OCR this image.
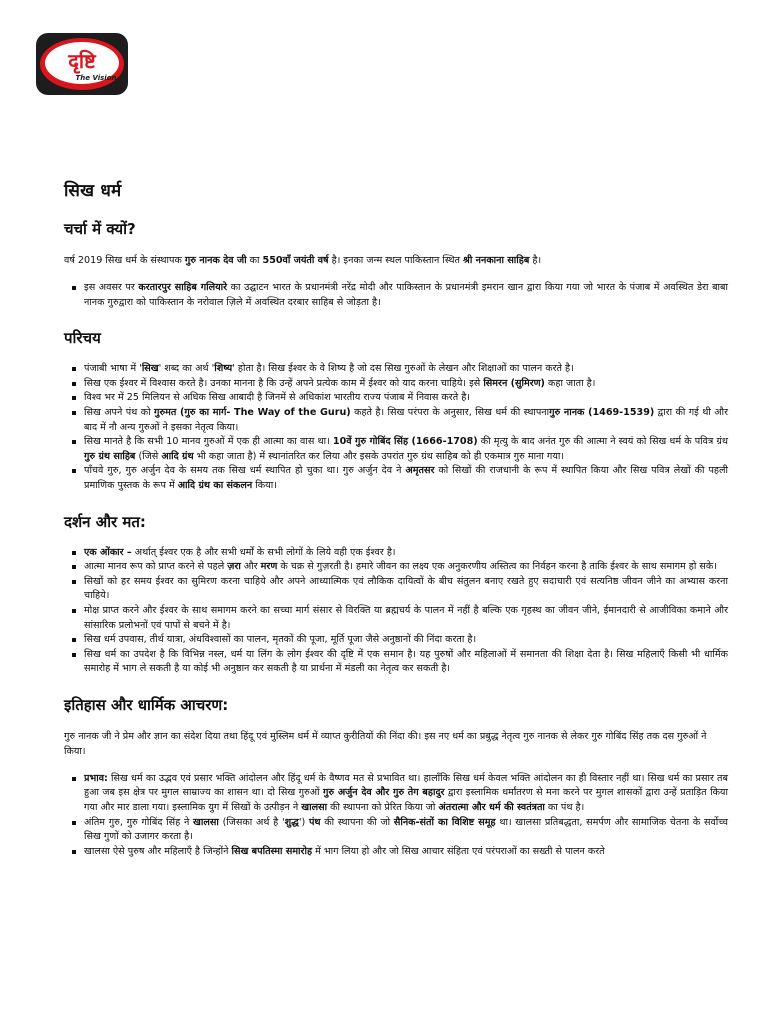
दृष्टि
The Vision
सिख धर्म
चर्चा में क्यों?

वर्ष 2019 सिख धर्म के संस्थापक गुरु नानक देव जी का 550वाँ जयंती वर्ष है। इनका जन्म स्थल पाकिस्तान स्थित श्री ननकाना साहिब है।

इस अवसर पर करतारपुर साहिब गलियारे का उद्घाटन भारत के प्रधानमंत्री नरेंद्र मोदी और पाकिस्तान के प्रधानमंत्री इमरान खान द्वारा किया गया जो भारत के पंजाब में अवस्थित डेरा बाबा नानक गुरुद्वारा को पाकिस्तान के नरोवाल ज़िले में अवस्थित दरबार साहिब से जोड़ता है।
परिचय
पंजाबी भाषा में 'सिख' शब्द का अर्थ 'शिष्य' होता है। सिख ईश्वर के वे शिष्य है जो दस सिख गुरुओं के लेखन और शिक्षाओं का पालन करते है।
सिख एक ईश्वर में विश्वास करते है। उनका मानना है कि उन्हें अपने प्रत्येक काम में ईश्वर को याद करना चाहिये। इसे सिमरन (सुमिरण) कहा जाता है।
विश्व भर में 25 मिलियन से अधिक सिख आबादी है जिनमें से अधिकांश भारतीय राज्य पंजाब में निवास करते है।
सिख अपने पंथ को गुरुमत (गुरु का मार्ग- The Way of the Guru) कहते है। सिख परंपरा के अनुसार, सिख धर्म की स्थापनागुरु नानक (1469-1539) द्वारा की गई थी और बाद में नौ अन्य गुरुओं ने इसका नेतृत्व किया।
सिख मानते है कि सभी 10 मानव गुरुओं में एक ही आत्मा का वास था। 10वें गुरु गोबिंद सिंह (1666-1708) की मृत्यु के बाद अनंत गुरु की आत्मा ने स्वयं को सिख धर्म के पवित्र ग्रंथ गुरु ग्रंथ साहिब (जिसे आदि ग्रंथ भी कहा जाता है) में स्थानांतरित कर लिया और इसके उपरांत गुरु ग्रंथ साहिब को ही एकमात्र गुरु माना गया।
पाँचवे गुरु, गुरु अर्जुन देव के समय तक सिख धर्म स्थापित हो चुका था। गुरु अर्जुन देव ने अमृतसर को सिखों की राजधानी के रूप में स्थापित किया और सिख पवित्र लेखों की पहली प्रमाणिक पुस्तक के रूप में आदि ग्रंथ का संकलन किया।
दर्शन और मत:
एक ओंकार – अर्थात् ईश्वर एक है और सभी धर्मों के सभी लोगों के लिये वही एक ईश्वर है।
आत्मा मानव रूप को प्राप्त करने से पहले ज़रा और मरण के चक्र से गुज़रती है। हमारे जीवन का लक्ष्य एक अनुकरणीय अस्तित्व का निर्वहन करना है ताकि ईश्वर के साथ समागम हो सके।
सिखों को हर समय ईश्वर का सुमिरण करना चाहिये और अपने आध्यात्मिक एवं लौकिक दायित्वों के बीच संतुलन बनाए रखते हुए सदाचारी एवं सत्यनिष्ठ जीवन जीने का अभ्यास करना चाहिये।
मोक्ष प्राप्त करने और ईश्वर के साथ समागम करने का सच्चा मार्ग संसार से विरक्ति या ब्रह्मचर्य के पालन में नहीं है बल्कि एक गृहस्थ का जीवन जीने, ईमानदारी से आजीविका कमाने और सांसारिक प्रलोभनों एवं पापों से बचने में है।
सिख धर्म उपवास, तीर्थ यात्रा, अंधविश्वासों का पालन, मृतकों की पूजा, मूर्ति पूजा जैसे अनुष्ठानों की निंदा करता है।
सिख धर्म का उपदेश है कि विभिन्न नस्ल, धर्म या लिंग के लोग ईश्वर की दृष्टि में एक समान है। यह पुरुषों और महिलाओं में समानता की शिक्षा देता है। सिख महिलाएँ किसी भी धार्मिक समारोह में भाग ले सकती है या कोई भी अनुष्ठान कर सकती है या प्रार्थना में मंडली का नेतृत्व कर सकती है।
इतिहास और धार्मिक आचरण:

गुरु नानक जी ने प्रेम और ज्ञान का संदेश दिया तथा हिंदू एवं मुस्लिम धर्म में व्याप्त कुरीतियों की निंदा की। इस नए धर्म का प्रबुद्ध नेतृत्व गुरु नानक से लेकर गुरु गोबिंद सिंह तक दस गुरुओं ने किया।

प्रभाव: सिख धर्म का उद्भव एवं प्रसार भक्ति आंदोलन और हिंदू धर्म के वैष्णव मत से प्रभावित था। हालाँकि सिख धर्म केवल भक्ति आंदोलन का ही विस्तार नहीं था। सिख धर्म का प्रसार तब हुआ जब इस क्षेत्र पर मुगल साम्राज्य का शासन था। दो सिख गुरुओं गुरु अर्जुन देव और गुरु तेग बहादुर द्वारा इस्लामिक धर्मांतरण से मना करने पर मुगल शासकों द्वारा उन्हें प्रताड़ित किया गया और मार डाला गया। इस्लामिक युग में सिखों के उत्पीड़न ने खालसा की स्थापना को प्रेरित किया जो अंतरात्मा और धर्म की स्वतंत्रता का पंथ है।
अंतिम गुरु, गुरु गोबिंद सिंह ने खालसा (जिसका अर्थ है 'शुद्ध') पंथ की स्थापना की जो सैनिक-संतों का विशिष्ट समूह था। खालसा प्रतिबद्धता, समर्पण और सामाजिक चेतना के सर्वोच्च सिख गुणों को उजागर करता है।
खालसा ऐसे पुरुष और महिलाएँ है जिन्होंने सिख बपतिस्मा समारोह में भाग लिया हो और जो सिख आचार संहिता एवं परंपराओं का सख्ती से पालन करते
